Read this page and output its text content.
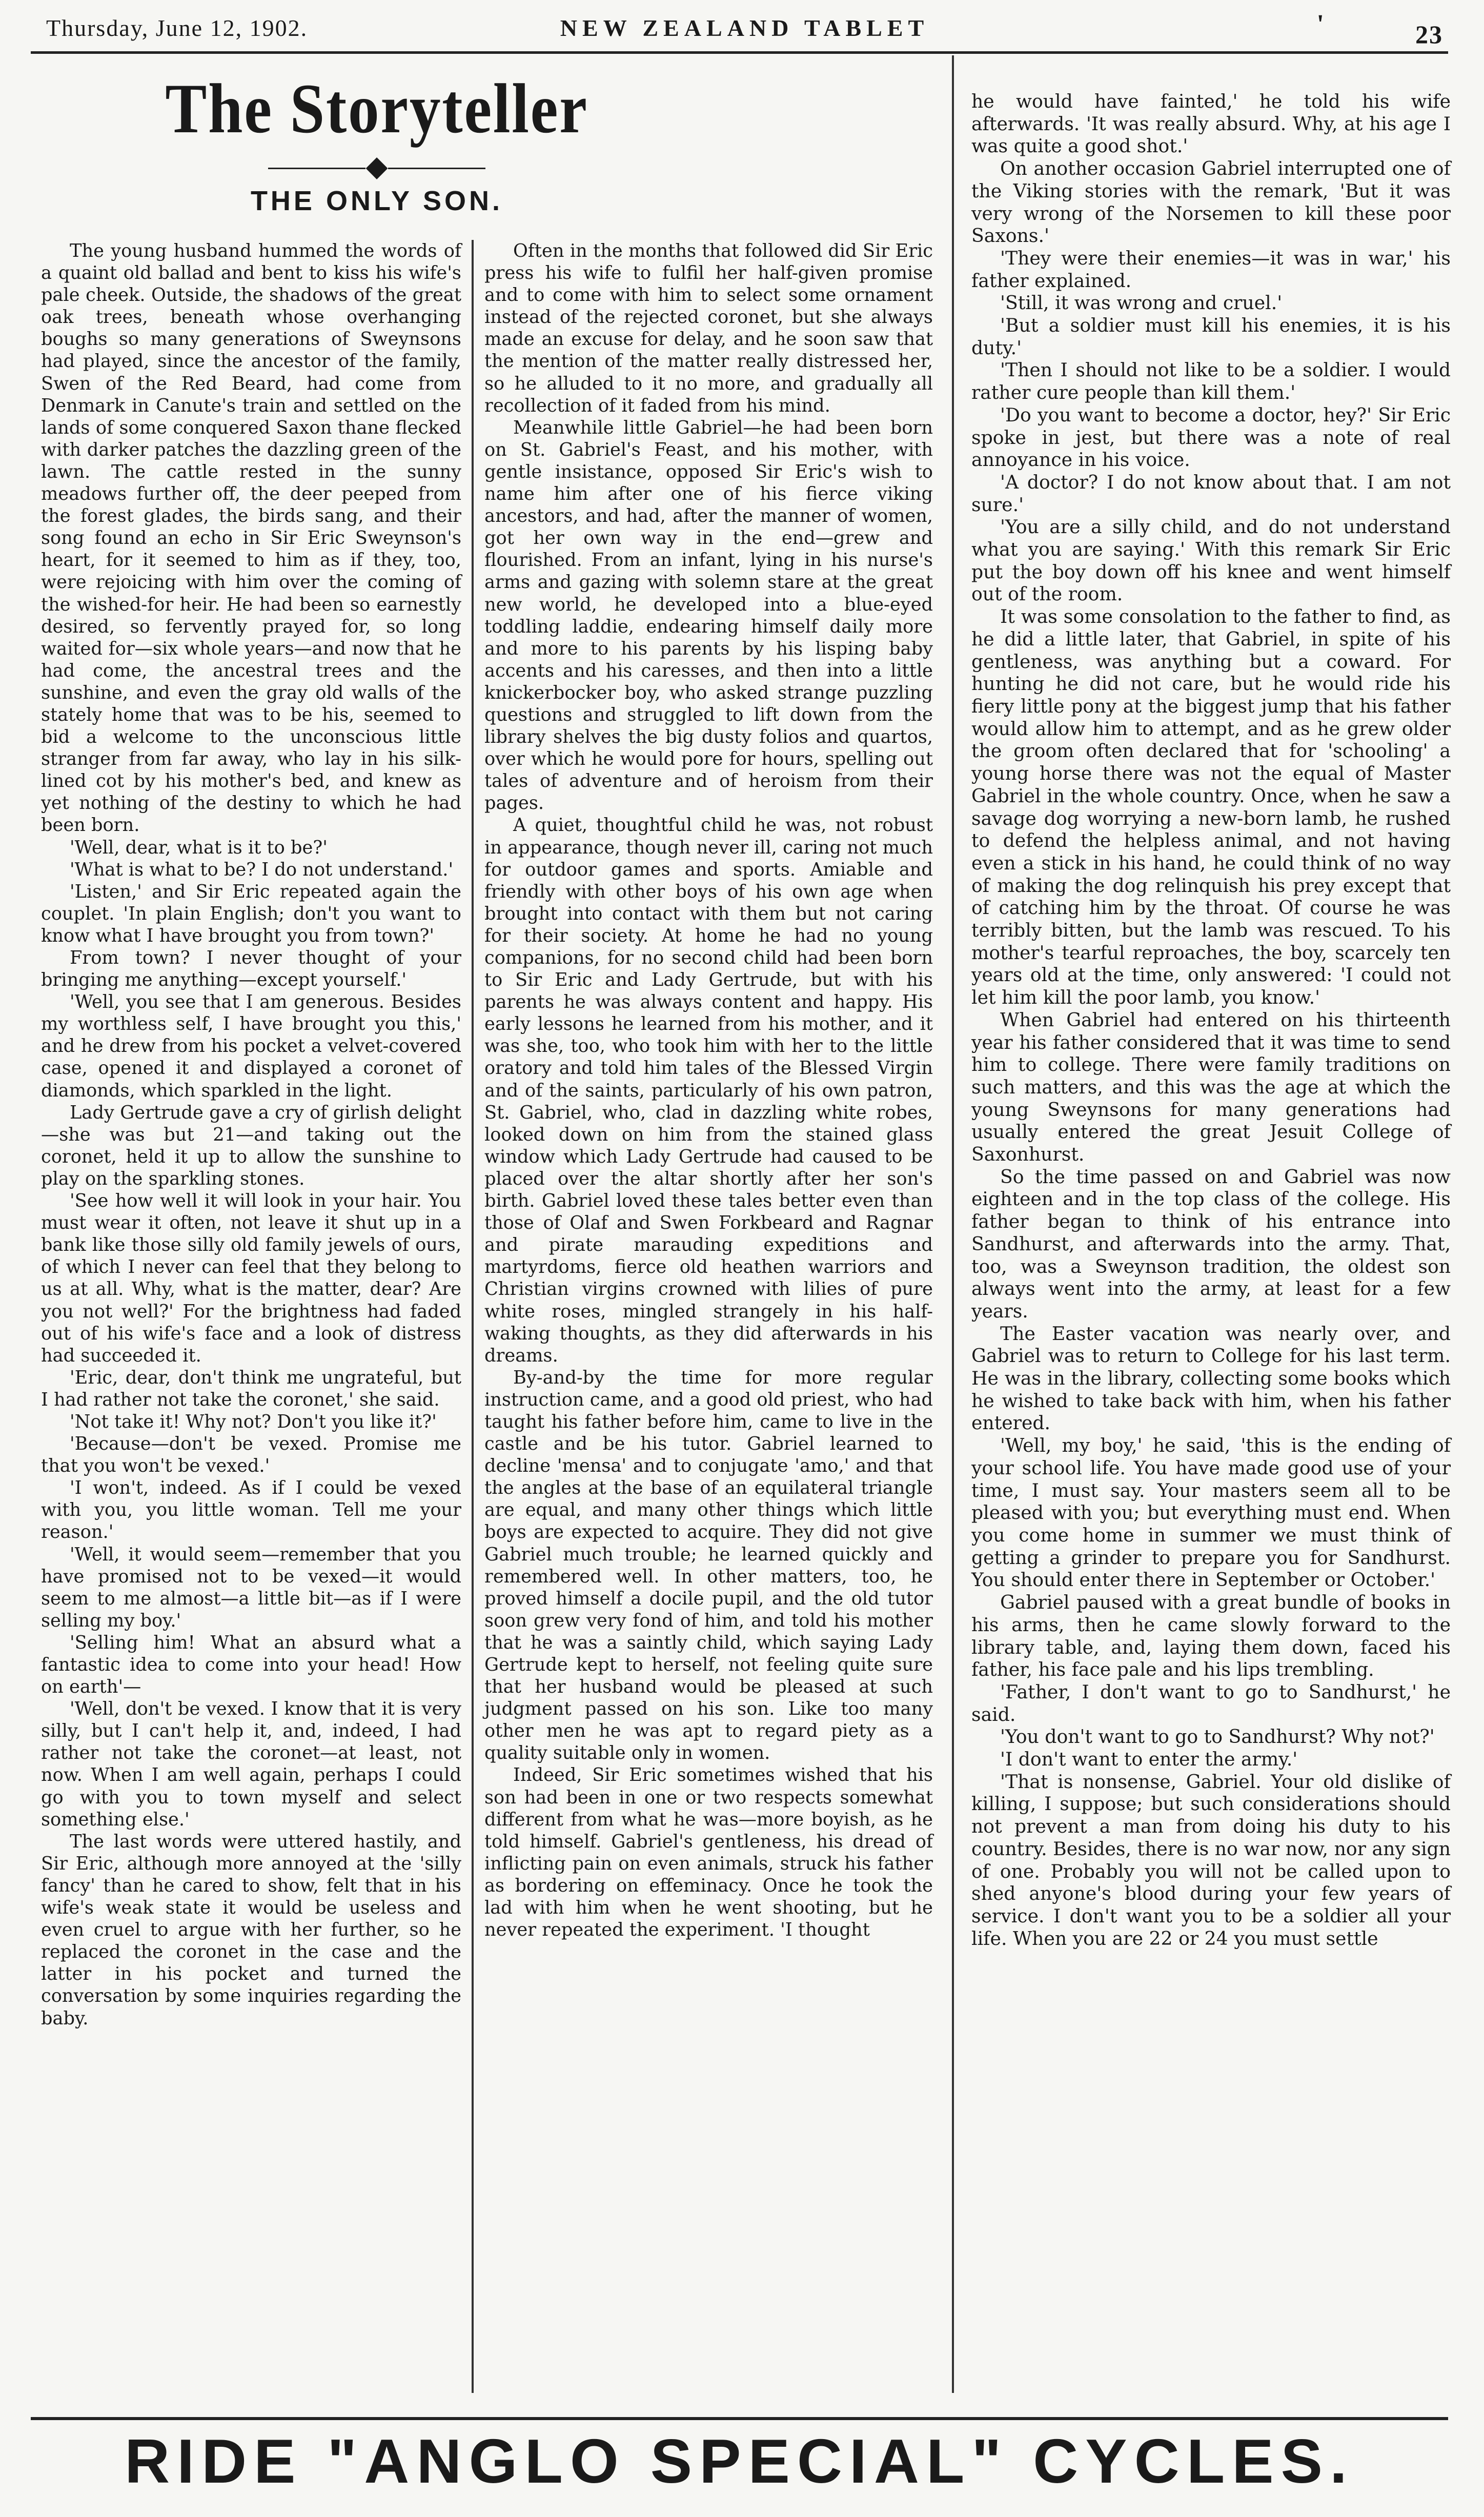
Thursday, June 12, 1902.	NEW ZEALAND TABLET	'	23
The Storyteller
◆
THE ONLY SON.

The young husband hummed the words of a quaint old ballad and bent to kiss his wife's pale cheek. Outside, the shadows of the great oak trees, beneath whose overhanging boughs so many generations of Sweynsons had played, since the ancestor of the family, Swen of the Red Beard, had come from Denmark in Canute's train and settled on the lands of some conquered Saxon thane flecked with darker patches the dazzling green of the lawn. The cattle rested in the sunny meadows further off, the deer peeped from the forest glades, the birds sang, and their song found an echo in Sir Eric Sweynson's heart, for it seemed to him as if they, too, were rejoicing with him over the coming of the wished-for heir. He had been so earnestly desired, so fervently prayed for, so long waited for—six whole years—and now that he had come, the ancestral trees and the sunshine, and even the gray old walls of the stately home that was to be his, seemed to bid a welcome to the unconscious little stranger from far away, who lay in his silk-lined cot by his mother's bed, and knew as yet nothing of the destiny to which he had been born.

'Well, dear, what is it to be?'

'What is what to be? I do not understand.'

'Listen,' and Sir Eric repeated again the couplet. 'In plain English; don't you want to know what I have brought you from town?'

From town? I never thought of your bringing me anything—except yourself.'

'Well, you see that I am generous. Besides my worthless self, I have brought you this,' and he drew from his pocket a velvet-covered case, opened it and displayed a coronet of diamonds, which sparkled in the light.

Lady Gertrude gave a cry of girlish delight—she was but 21—and taking out the coronet, held it up to allow the sunshine to play on the sparkling stones.

'See how well it will look in your hair. You must wear it often, not leave it shut up in a bank like those silly old family jewels of ours, of which I never can feel that they belong to us at all. Why, what is the matter, dear? Are you not well?' For the brightness had faded out of his wife's face and a look of distress had succeeded it.

'Eric, dear, don't think me ungrateful, but I had rather not take the coronet,' she said.

'Not take it! Why not? Don't you like it?'

'Because—don't be vexed. Promise me that you won't be vexed.'

'I won't, indeed. As if I could be vexed with you, you little woman. Tell me your reason.'

'Well, it would seem—remember that you have promised not to be vexed—it would seem to me almost—a little bit—as if I were selling my boy.'

'Selling him! What an absurd what a fantastic idea to come into your head! How on earth'—

'Well, don't be vexed. I know that it is very silly, but I can't help it, and, indeed, I had rather not take the coronet—at least, not now. When I am well again, perhaps I could go with you to town myself and select something else.'

The last words were uttered hastily, and Sir Eric, although more annoyed at the 'silly fancy' than he cared to show, felt that in his wife's weak state it would be useless and even cruel to argue with her further, so he replaced the coronet in the case and the latter in his pocket and turned the conversation by some inquiries regarding the baby.

Often in the months that followed did Sir Eric press his wife to fulfil her half-given promise and to come with him to select some ornament instead of the rejected coronet, but she always made an excuse for delay, and he soon saw that the mention of the matter really distressed her, so he alluded to it no more, and gradually all recollection of it faded from his mind.

Meanwhile little Gabriel—he had been born on St. Gabriel's Feast, and his mother, with gentle insistance, opposed Sir Eric's wish to name him after one of his fierce viking ancestors, and had, after the manner of women, got her own way in the end—grew and flourished. From an infant, lying in his nurse's arms and gazing with solemn stare at the great new world, he developed into a blue-eyed toddling laddie, endearing himself daily more and more to his parents by his lisping baby accents and his caresses, and then into a little knickerbocker boy, who asked strange puzzling questions and struggled to lift down from the library shelves the big dusty folios and quartos, over which he would pore for hours, spelling out tales of adventure and of heroism from their pages.

A quiet, thoughtful child he was, not robust in appearance, though never ill, caring not much for outdoor games and sports. Amiable and friendly with other boys of his own age when brought into contact with them but not caring for their society. At home he had no young companions, for no second child had been born to Sir Eric and Lady Gertrude, but with his parents he was always content and happy. His early lessons he learned from his mother, and it was she, too, who took him with her to the little oratory and told him tales of the Blessed Virgin and of the saints, particularly of his own patron, St. Gabriel, who, clad in dazzling white robes, looked down on him from the stained glass window which Lady Gertrude had caused to be placed over the altar shortly after her son's birth. Gabriel loved these tales better even than those of Olaf and Swen Forkbeard and Ragnar and pirate marauding expeditions and martyrdoms, fierce old heathen warriors and Christian virgins crowned with lilies of pure white roses, mingled strangely in his half-waking thoughts, as they did afterwards in his dreams.

By-and-by the time for more regular instruction came, and a good old priest, who had taught his father before him, came to live in the castle and be his tutor. Gabriel learned to decline 'mensa' and to conjugate 'amo,' and that the angles at the base of an equilateral triangle are equal, and many other things which little boys are expected to acquire. They did not give Gabriel much trouble; he learned quickly and remembered well. In other matters, too, he proved himself a docile pupil, and the old tutor soon grew very fond of him, and told his mother that he was a saintly child, which saying Lady Gertrude kept to herself, not feeling quite sure that her husband would be pleased at such judgment passed on his son. Like too many other men he was apt to regard piety as a quality suitable only in women.

Indeed, Sir Eric sometimes wished that his son had been in one or two respects somewhat different from what he was—more boyish, as he told himself. Gabriel's gentleness, his dread of inflicting pain on even animals, struck his father as bordering on effeminacy. Once he took the lad with him when he went shooting, but he never repeated the experiment. 'I thought

he would have fainted,' he told his wife afterwards. 'It was really absurd. Why, at his age I was quite a good shot.'

On another occasion Gabriel interrupted one of the Viking stories with the remark, 'But it was very wrong of the Norsemen to kill these poor Saxons.'

'They were their enemies—it was in war,' his father explained.

'Still, it was wrong and cruel.'

'But a soldier must kill his enemies, it is his duty.'

'Then I should not like to be a soldier. I would rather cure people than kill them.'

'Do you want to become a doctor, hey?' Sir Eric spoke in jest, but there was a note of real annoyance in his voice.

'A doctor? I do not know about that. I am not sure.'

'You are a silly child, and do not understand what you are saying.' With this remark Sir Eric put the boy down off his knee and went himself out of the room.

It was some consolation to the father to find, as he did a little later, that Gabriel, in spite of his gentleness, was anything but a coward. For hunting he did not care, but he would ride his fiery little pony at the biggest jump that his father would allow him to attempt, and as he grew older the groom often declared that for 'schooling' a young horse there was not the equal of Master Gabriel in the whole country. Once, when he saw a savage dog worrying a new-born lamb, he rushed to defend the helpless animal, and not having even a stick in his hand, he could think of no way of making the dog relinquish his prey except that of catching him by the throat. Of course he was terribly bitten, but the lamb was rescued. To his mother's tearful reproaches, the boy, scarcely ten years old at the time, only answered: 'I could not let him kill the poor lamb, you know.'

When Gabriel had entered on his thirteenth year his father considered that it was time to send him to college. There were family traditions on such matters, and this was the age at which the young Sweynsons for many generations had usually entered the great Jesuit College of Saxonhurst.

So the time passed on and Gabriel was now eighteen and in the top class of the college. His father began to think of his entrance into Sandhurst, and afterwards into the army. That, too, was a Sweynson tradition, the oldest son always went into the army, at least for a few years.

The Easter vacation was nearly over, and Gabriel was to return to College for his last term. He was in the library, collecting some books which he wished to take back with him, when his father entered.

'Well, my boy,' he said, 'this is the ending of your school life. You have made good use of your time, I must say. Your masters seem all to be pleased with you; but everything must end. When you come home in summer we must think of getting a grinder to prepare you for Sandhurst. You should enter there in September or October.'

Gabriel paused with a great bundle of books in his arms, then he came slowly forward to the library table, and, laying them down, faced his father, his face pale and his lips trembling.

'Father, I don't want to go to Sandhurst,' he said.

'You don't want to go to Sandhurst? Why not?'

'I don't want to enter the army.'

'That is nonsense, Gabriel. Your old dislike of killing, I suppose; but such considerations should not prevent a man from doing his duty to his country. Besides, there is no war now, nor any sign of one. Probably you will not be called upon to shed anyone's blood during your few years of service. I don't want you to be a soldier all your life. When you are 22 or 24 you must settle

RIDE "ANGLO SPECIAL" CYCLES.
